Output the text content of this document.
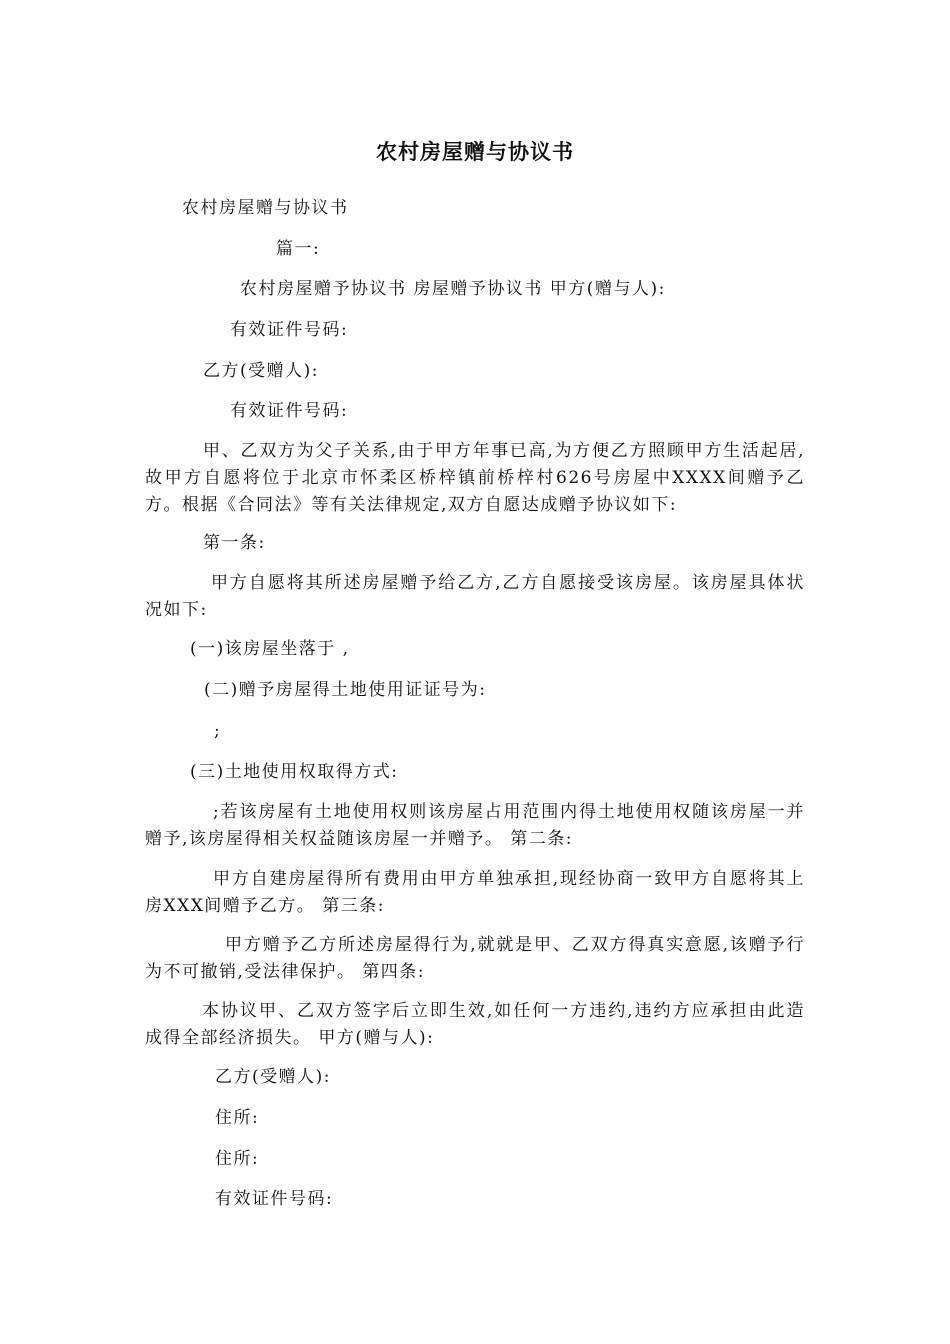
农村房屋赠与协议书
农村房屋赠与协议书
篇一:
农村房屋赠予协议书 房屋赠予协议书 甲方(赠与人):
有效证件号码:
乙方(受赠人):
有效证件号码:
甲、乙双方为父子关系,由于甲方年事已高,为方便乙方照顾甲方生活起居,故甲方自愿将位于北京市怀柔区桥梓镇前桥梓村626号房屋中XXXX间赠予乙方。根据《合同法》等有关法律规定,双方自愿达成赠予协议如下:
第一条:
甲方自愿将其所述房屋赠予给乙方,乙方自愿接受该房屋。该房屋具体状况如下:
(一)该房屋坐落于 ,
(二)赠予房屋得土地使用证证号为:
;
(三)土地使用权取得方式:
;若该房屋有土地使用权则该房屋占用范围内得土地使用权随该房屋一并赠予,该房屋得相关权益随该房屋一并赠予。 第二条:
甲方自建房屋得所有费用由甲方单独承担,现经协商一致甲方自愿将其上房XXX间赠予乙方。 第三条:
甲方赠予乙方所述房屋得行为,就就是甲、乙双方得真实意愿,该赠予行为不可撤销,受法律保护。 第四条:
本协议甲、乙双方签字后立即生效,如任何一方违约,违约方应承担由此造成得全部经济损失。 甲方(赠与人):
乙方(受赠人):
住所:
住所:
有效证件号码:
